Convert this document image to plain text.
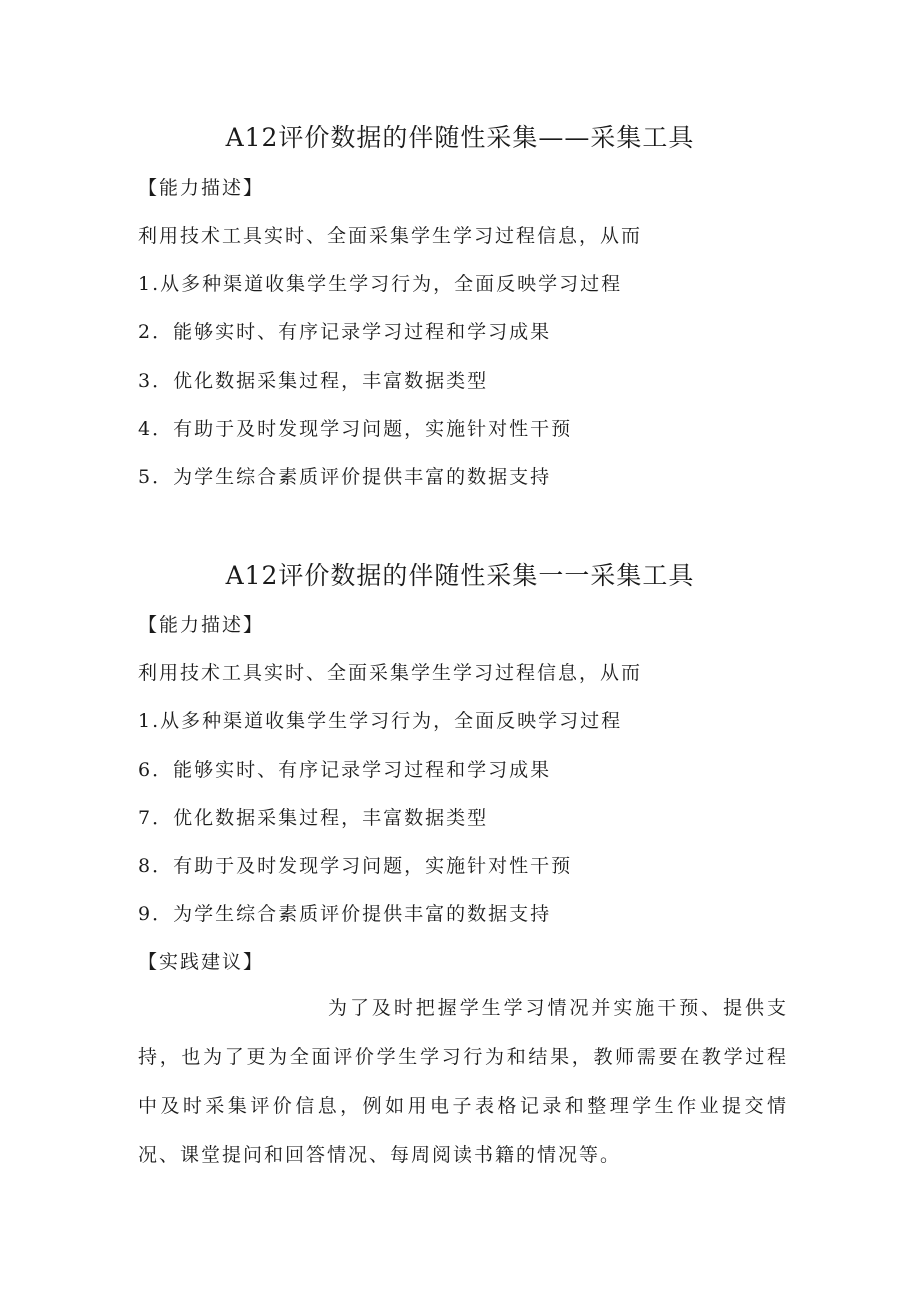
A12评价数据的伴随性采集——采集工具
【能力描述】
利用技术工具实时、全面采集学生学习过程信息，从而
1.从多种渠道收集学生学习行为，全面反映学习过程
2．能够实时、有序记录学习过程和学习成果
3．优化数据采集过程，丰富数据类型
4．有助于及时发现学习问题，实施针对性干预
5．为学生综合素质评价提供丰富的数据支持
A12评价数据的伴随性采集一一采集工具
【能力描述】
利用技术工具实时、全面采集学生学习过程信息，从而
1.从多种渠道收集学生学习行为，全面反映学习过程
6．能够实时、有序记录学习过程和学习成果
7．优化数据采集过程，丰富数据类型
8．有助于及时发现学习问题，实施针对性干预
9．为学生综合素质评价提供丰富的数据支持
【实践建议】
为了及时把握学生学习情况并实施干预、提供支持，也为了更为全面评价学生学习行为和结果，教师需要在教学过程中及时采集评价信息，例如用电子表格记录和整理学生作业提交情况、课堂提问和回答情况、每周阅读书籍的情况等。
